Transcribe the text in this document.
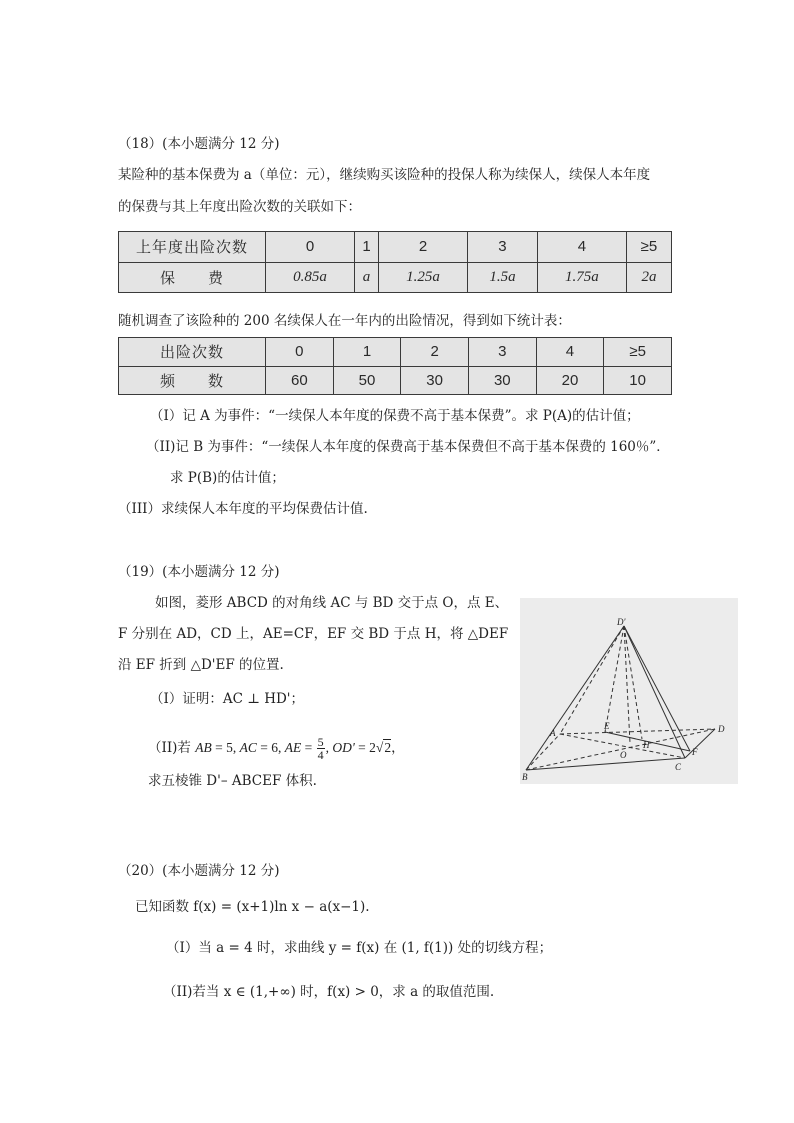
（18）(本小题满分 12 分)
某险种的基本保费为 a（单位：元），继续购买该险种的投保人称为续保人，续保人本年度
的保费与其上年度出险次数的关联如下：
上年度出险次数	0	1	2	3	4	≥5
保　　费	0.85a	a	1.25a	1.5a	1.75a	2a
随机调查了该险种的 200 名续保人在一年内的出险情况，得到如下统计表：
出险次数	0	1	2	3	4	≥5
频　　数	60	50	30	30	20	10
（I）记 A 为事件：“一续保人本年度的保费不高于基本保费”。求 P(A)的估计值；
（II)记 B 为事件：“一续保人本年度的保费高于基本保费但不高于基本保费的 160％”．
求 P(B)的估计值；
（III）求续保人本年度的平均保费估计值.
（19）(本小题满分 12 分)
如图，菱形 ABCD 的对角线 AC 与 BD 交于点 O，点 E、
F 分别在 AD，CD 上，AE=CF，EF 交 BD 于点 H，将 △DEF
沿 EF 折到 △D'EF 的位置.
（I）证明：AC ⊥ HD'；
（II)若 AB = 5, AC = 6, AE = $\frac{5}{4}$ , OD' = 2√2，
求五棱锥 D'– ABCEF 体积.
D'
A
E
H
O
D
B
C
F
（20）(本小题满分 12 分)
已知函数 f(x) = (x+1)ln x − a(x−1).
（I）当 a = 4 时，求曲线 y = f(x) 在 (1, f(1)) 处的切线方程；
（II)若当 x ∈ (1,+∞) 时，f(x) > 0，求 a 的取值范围.
